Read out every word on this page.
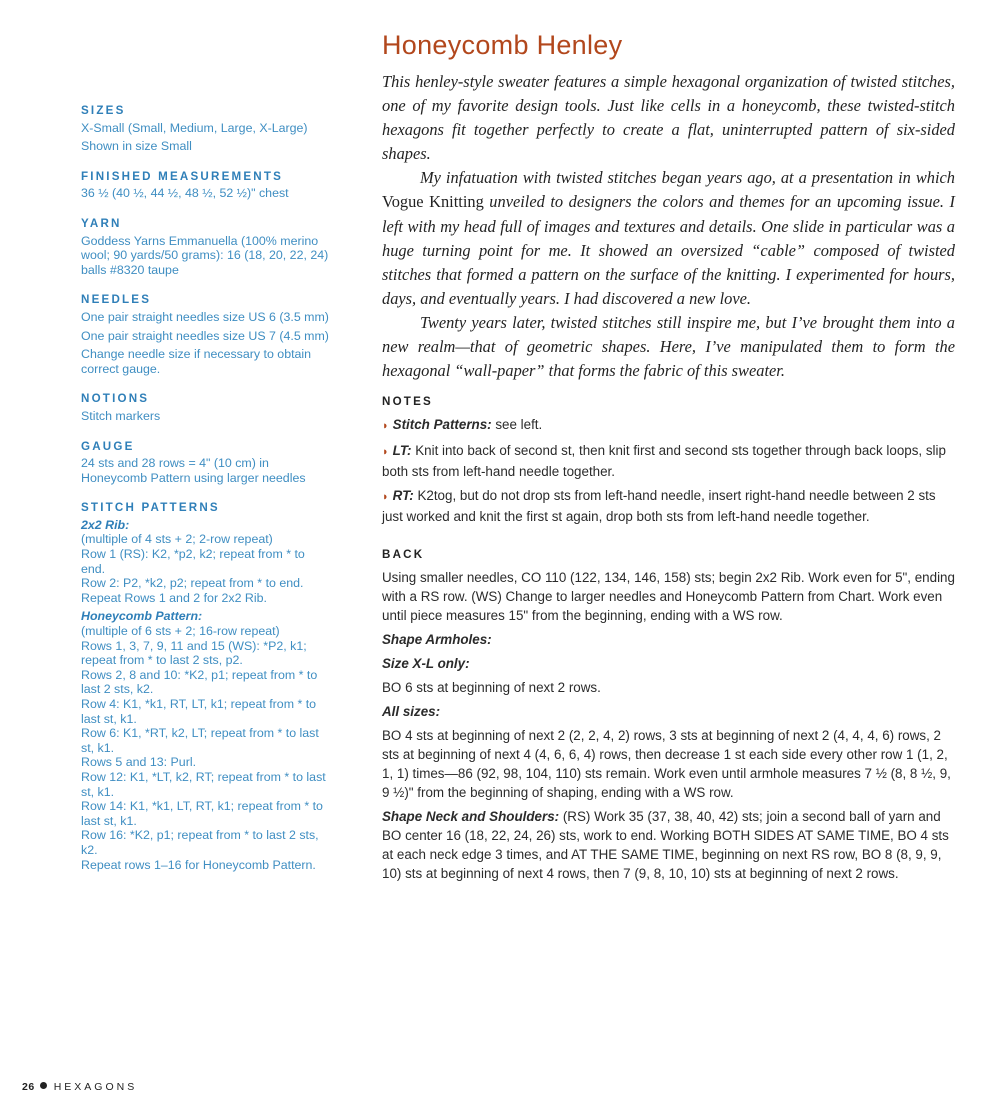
Honeycomb Henley

This henley-style sweater features a simple hexagonal organization of twisted stitches, one of my favorite design tools. Just like cells in a honeycomb, these twisted-stitch hexagons fit together perfectly to create a flat, uninterrupted pattern of six-sided shapes.

My infatuation with twisted stitches began years ago, at a presentation in which Vogue Knitting unveiled to designers the colors and themes for an upcoming issue. I left with my head full of images and textures and details. One slide in particular was a huge turning point for me. It showed an oversized “cable” composed of twisted stitches that formed a pattern on the surface of the knitting. I experimented for hours, days, and eventually years. I had discovered a new love.

Twenty years later, twisted stitches still inspire me, but I’ve brought them into a new realm—that of geometric shapes. Here, I’ve manipulated them to form the hexagonal “wall-paper” that forms the fabric of this sweater.

SIZES
X-Small (Small, Medium, Large, X-Large)
Shown in size Small
FINISHED MEASUREMENTS
36 ½ (40 ½, 44 ½, 48 ½, 52 ½)" chest
YARN
Goddess Yarns Emmanuella (100% merino wool; 90 yards/50 grams): 16 (18, 20, 22, 24) balls #8320 taupe
NEEDLES
One pair straight needles size US 6 (3.5 mm)
One pair straight needles size US 7 (4.5 mm)
Change needle size if necessary to obtain correct gauge.
NOTIONS
Stitch markers
GAUGE
24 sts and 28 rows = 4" (10 cm) in Honeycomb Pattern using larger needles
STITCH PATTERNS
2x2 Rib:
(multiple of 4 sts + 2; 2-row repeat)
Row 1 (RS): K2, *p2, k2; repeat from * to end.
Row 2: P2, *k2, p2; repeat from * to end.
Repeat Rows 1 and 2 for 2x2 Rib.
Honeycomb Pattern:
(multiple of 6 sts + 2; 16-row repeat)
Rows 1, 3, 7, 9, 11 and 15 (WS): *P2, k1; repeat from * to last 2 sts, p2.
Rows 2, 8 and 10: *K2, p1; repeat from * to last 2 sts, k2.
Row 4: K1, *k1, RT, LT, k1; repeat from * to last st, k1.
Row 6: K1, *RT, k2, LT; repeat from * to last st, k1.
Rows 5 and 13: Purl.
Row 12: K1, *LT, k2, RT; repeat from * to last st, k1.
Row 14: K1, *k1, LT, RT, k1; repeat from * to last st, k1.
Row 16: *K2, p1; repeat from * to last 2 sts, k2.
Repeat rows 1–16 for Honeycomb Pattern.
NOTES
◗ Stitch Patterns: see left.
◗ LT: Knit into back of second st, then knit first and second sts together through back loops, slip both sts from left-hand needle together.
◗ RT: K2tog, but do not drop sts from left-hand needle, insert right-hand needle between 2 sts just worked and knit the first st again, drop both sts from left-hand needle together.
BACK
Using smaller needles, CO 110 (122, 134, 146, 158) sts; begin 2x2 Rib. Work even for 5", ending with a RS row. (WS) Change to larger needles and Honeycomb Pattern from Chart. Work even until piece measures 15" from the beginning, ending with a WS row.
Shape Armholes:
Size X-L only:
BO 6 sts at beginning of next 2 rows.
All sizes:
BO 4 sts at beginning of next 2 (2, 2, 4, 2) rows, 3 sts at beginning of next 2 (4, 4, 4, 6) rows, 2 sts at beginning of next 4 (4, 6, 6, 4) rows, then decrease 1 st each side every other row 1 (1, 2, 1, 1) times—86 (92, 98, 104, 110) sts remain. Work even until armhole measures 7 ½ (8, 8 ½, 9, 9 ½)" from the beginning of shaping, ending with a WS row.
Shape Neck and Shoulders: (RS) Work 35 (37, 38, 40, 42) sts; join a second ball of yarn and BO center 16 (18, 22, 24, 26) sts, work to end. Working BOTH SIDES AT SAME TIME, BO 4 sts at each neck edge 3 times, and AT THE SAME TIME, beginning on next RS row, BO 8 (8, 9, 9, 10) sts at beginning of next 4 rows, then 7 (9, 8, 10, 10) sts at beginning of next 2 rows.
26 HEXAGONS
